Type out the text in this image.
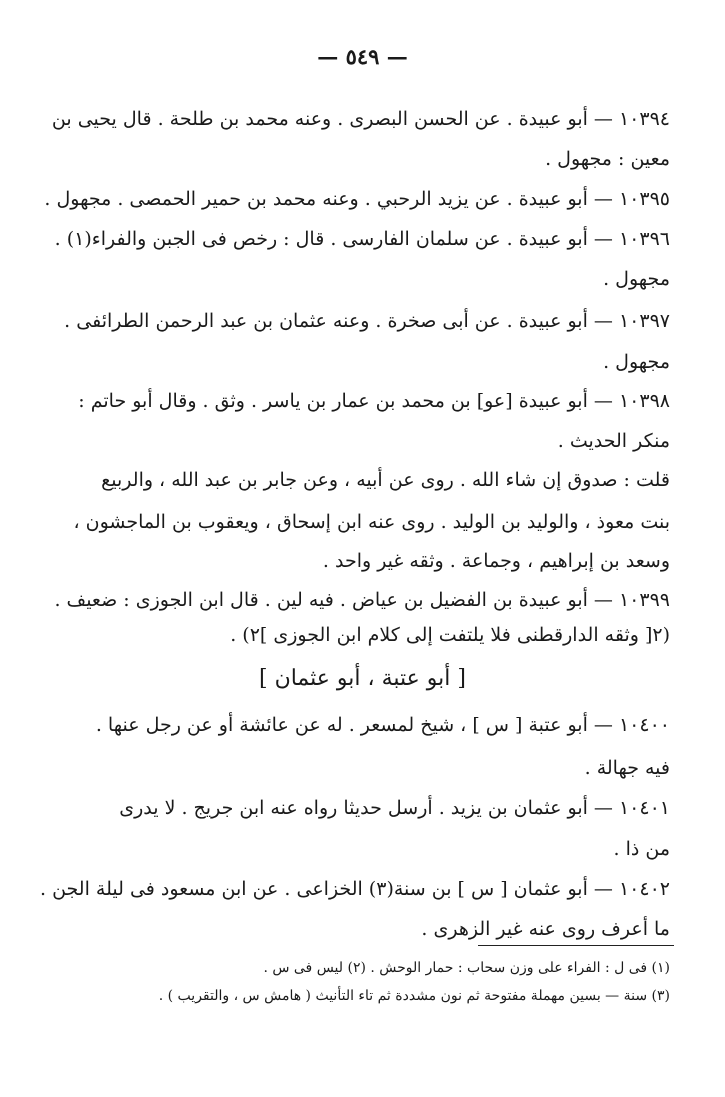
— ٥٤٩ —
١٠٣٩٤ — أبو عبيدة . عن الحسن البصرى . وعنه محمد بن طلحة . قال يحيى بن
معين : مجهول .
١٠٣٩٥ — أبو عبيدة . عن يزيد الرحبي . وعنه محمد بن حمير الحمصى . مجهول .
١٠٣٩٦ — أبو عبيدة . عن سلمان الفارسى . قال : رخص فى الجبن والفراء(١) .
مجهول .
١٠٣٩٧ — أبو عبيدة . عن أبى صخرة . وعنه عثمان بن عبد الرحمن الطرائفى .
مجهول .
١٠٣٩٨ — أبو عبيدة [عو] بن محمد بن عمار بن ياسر . وثق . وقال أبو حاتم :
منكر الحديث .
قلت : صدوق إن شاء الله . روى عن أبيه ، وعن جابر بن عبد الله ، والربيع
بنت معوذ ، والوليد بن الوليد . روى عنه ابن إسحاق ، ويعقوب بن الماجشون ،
وسعد بن إبراهيم ، وجماعة . وثقه غير واحد .
١٠٣٩٩ — أبو عبيدة بن الفضيل بن عياض . فيه لين . قال ابن الجوزى : ضعيف .
(٢[ وثقه الدارقطنى فلا يلتفت إلى كلام ابن الجوزى ]٢) .
[ أبو عتبة ، أبو عثمان ]
١٠٤٠٠ — أبو عتبة [ س ] ، شيخ لمسعر . له عن عائشة أو عن رجل عنها .
فيه جهالة .
١٠٤٠١ — أبو عثمان بن يزيد . أرسل حديثا رواه عنه ابن جريج . لا يدرى
من ذا .
١٠٤٠٢ — أبو عثمان [ س ] بن سنة(٣) الخزاعى . عن ابن مسعود فى ليلة الجن .
ما أعرف روى عنه غير الزهرى .
(١) فى ل : الفراء على وزن سحاب : حمار الوحش . (٢) ليس فى س .
(٣) سنة — بسين مهملة مفتوحة ثم نون مشددة ثم تاء التأنيث ( هامش س ، والتقريب ) .
